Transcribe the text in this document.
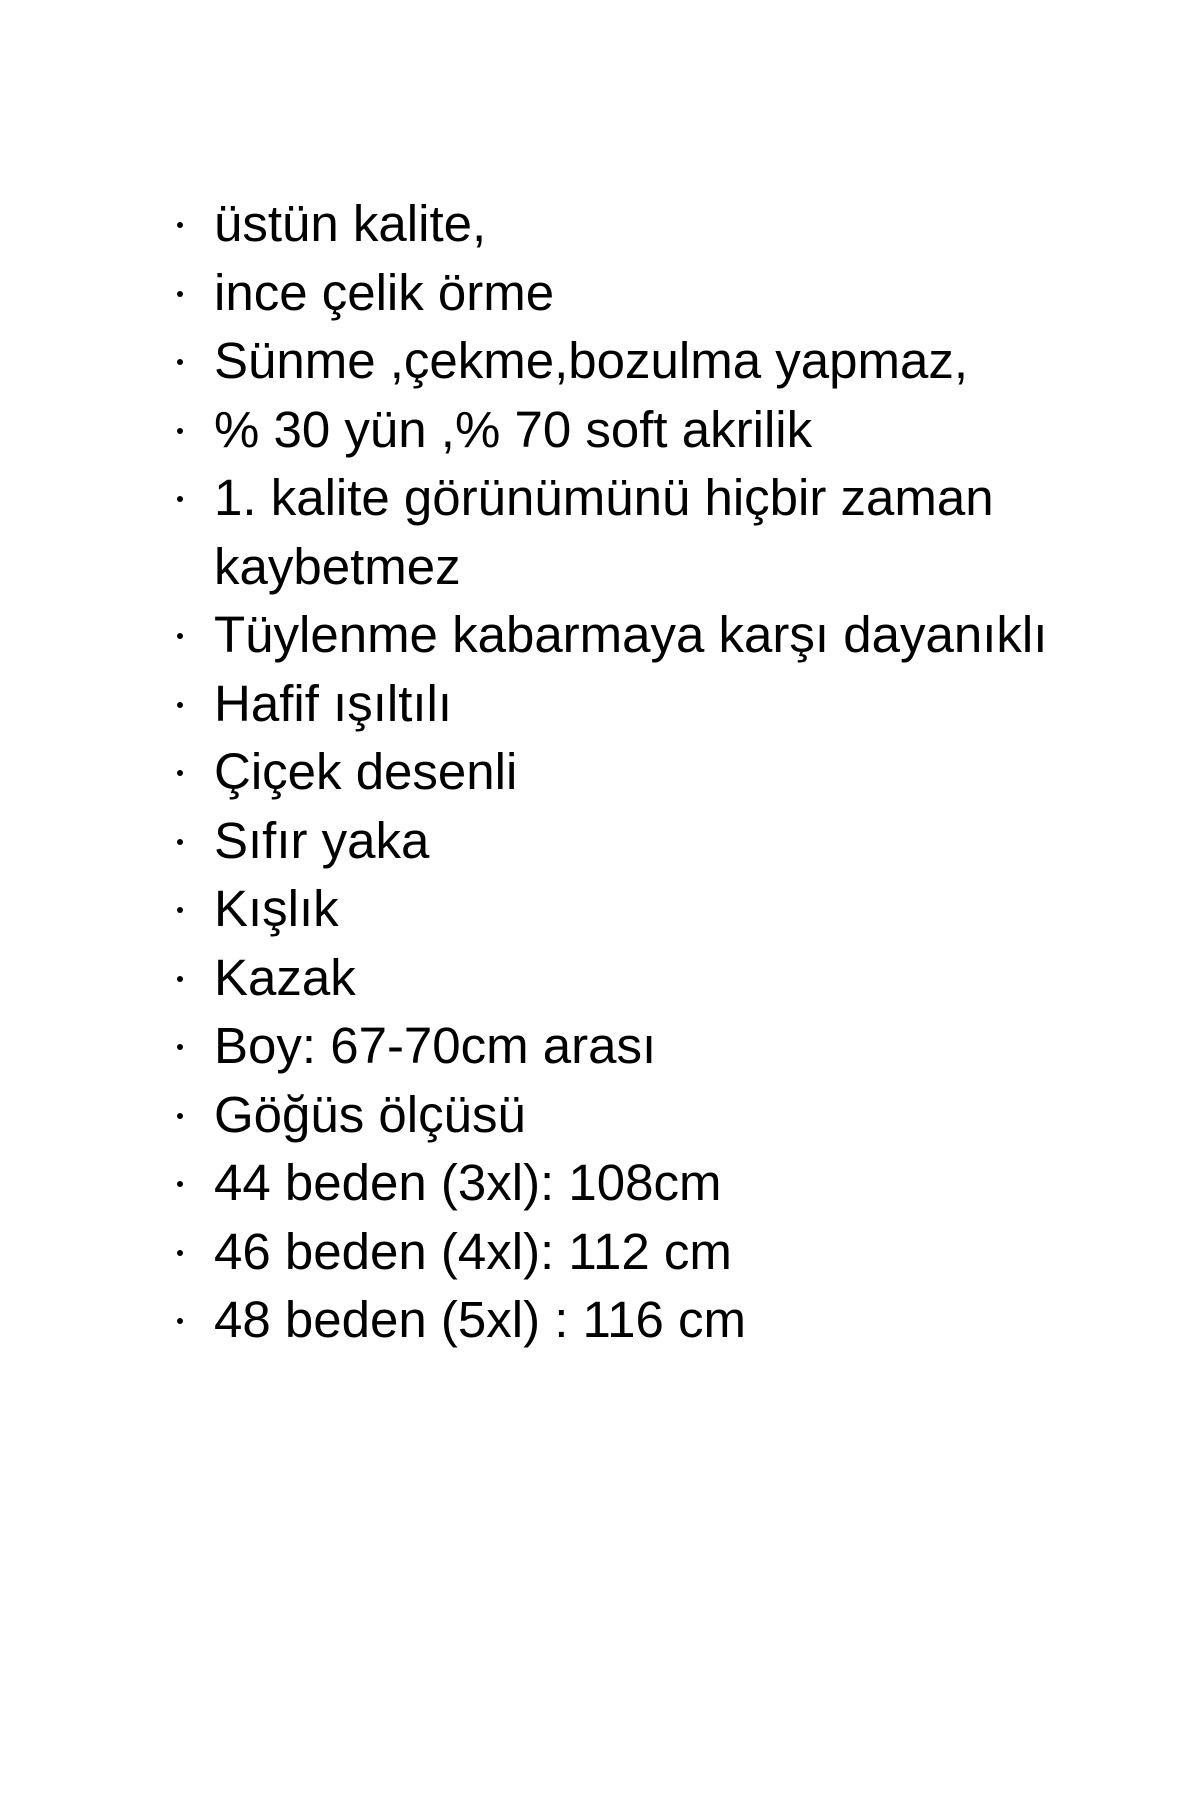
üstün kalite,
ince çelik örme
Sünme ,çekme,bozulma yapmaz,
% 30 yün ,% 70 soft akrilik
1. kalite görünümünü hiçbir zaman kaybetmez
Tüylenme kabarmaya karşı dayanıklı
Hafif ışıltılı
Çiçek desenli
Sıfır yaka
Kışlık
Kazak
Boy: 67-70cm arası
Göğüs ölçüsü
44 beden (3xl): 108cm
46 beden (4xl): 112 cm
48 beden (5xl) : 116 cm
